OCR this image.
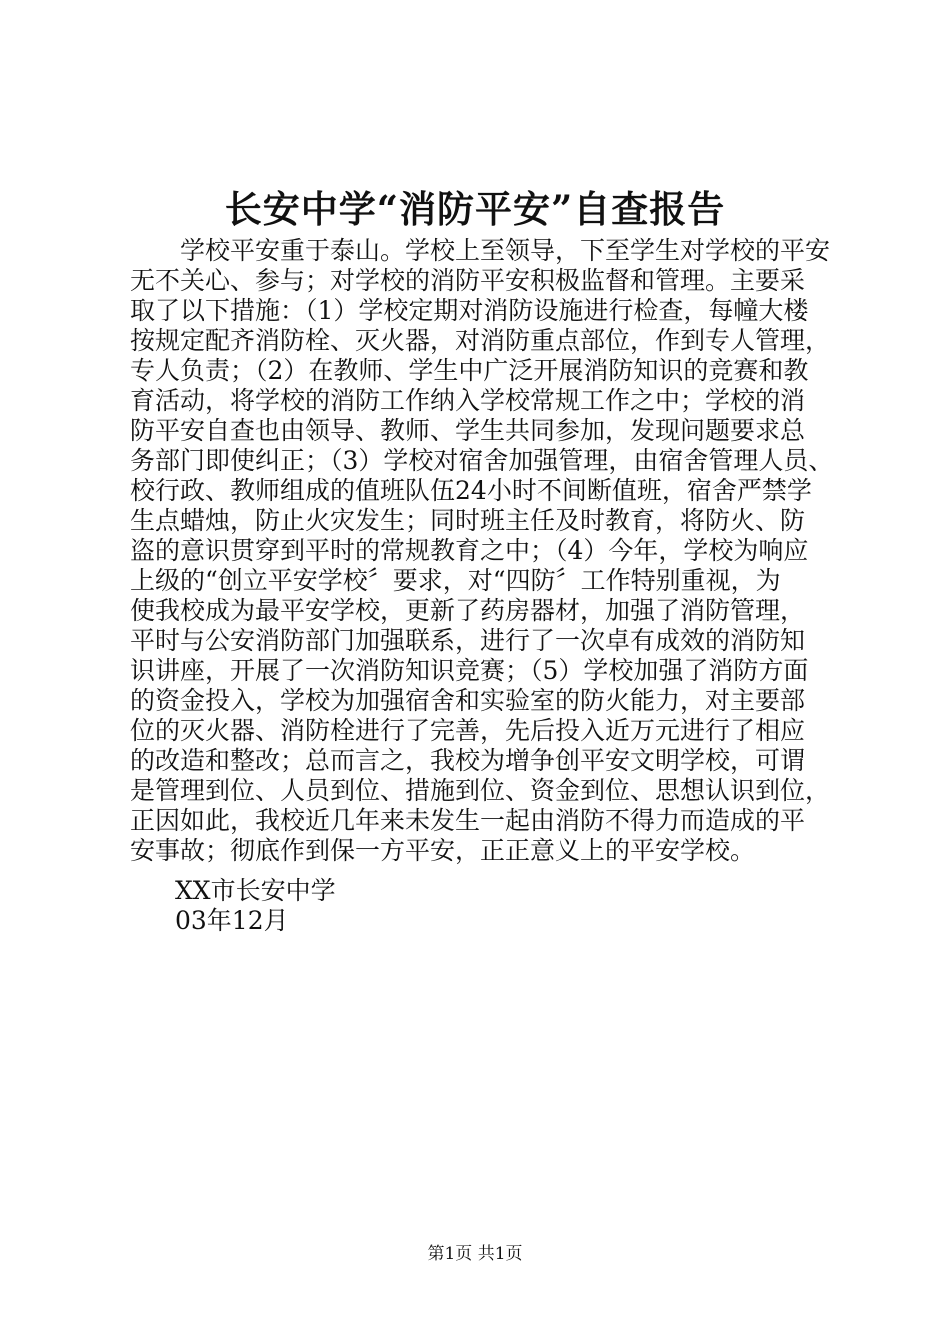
长安中学“消防平安”自查报告
　　学校平安重于泰山。学校上至领导，下至学生对学校的平安
无不关心、参与；对学校的消防平安积极监督和管理。主要采
取了以下措施：（1）学校定期对消防设施进行检查，每幢大楼
按规定配齐消防栓、灭火器，对消防重点部位，作到专人管理，
专人负责；（2）在教师、学生中广泛开展消防知识的竞赛和教
育活动，将学校的消防工作纳入学校常规工作之中；学校的消
防平安自查也由领导、教师、学生共同参加，发现问题要求总
务部门即使纠正；（3）学校对宿舍加强管理，由宿舍管理人员、
校行政、教师组成的值班队伍24小时不间断值班，宿舍严禁学
生点蜡烛，防止火灾发生；同时班主任及时教育，将防火、防
盗的意识贯穿到平时的常规教育之中；（4）今年，学校为响应
上级的“创立平安学校〞要求，对“四防〞工作特别重视，为
使我校成为最平安学校，更新了药房器材，加强了消防管理，
平时与公安消防部门加强联系，进行了一次卓有成效的消防知
识讲座，开展了一次消防知识竞赛；（5）学校加强了消防方面
的资金投入，学校为加强宿舍和实验室的防火能力，对主要部
位的灭火器、消防栓进行了完善，先后投入近万元进行了相应
的改造和整改；总而言之，我校为增争创平安文明学校，可谓
是管理到位、人员到位、措施到位、资金到位、思想认识到位，
正因如此，我校近几年来未发生一起由消防不得力而造成的平
安事故；彻底作到保一方平安，正正意义上的平安学校。
XX市长安中学
03年12月
第1页 共1页
